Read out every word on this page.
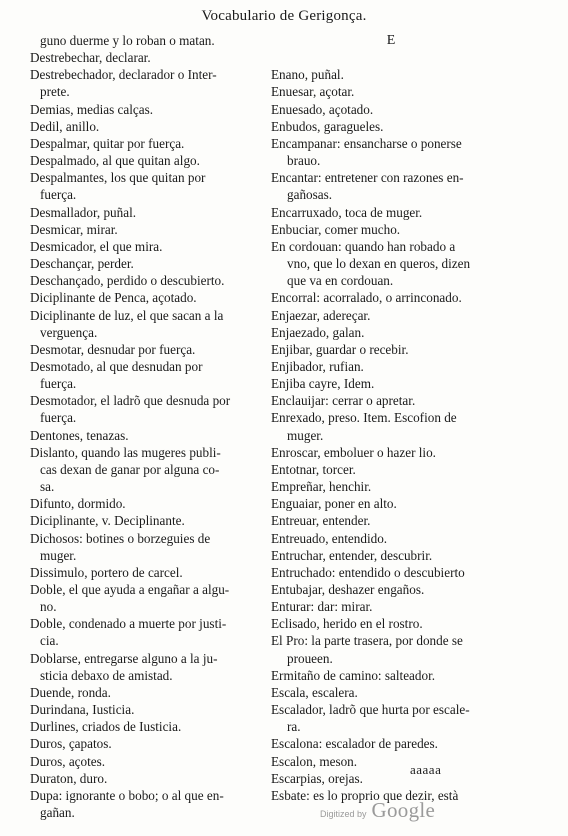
Vocabulario de Gerigonça.
guno duerme y lo roban o matan.
Destrebechar, declarar.
Destrebechador, declarador o Inter-
prete.
Demias, medias calças.
Dedil, anillo.
Despalmar, quitar por fuerça.
Despalmado, al que quitan algo.
Despalmantes, los que quitan por
fuerça.
Desmallador, puñal.
Desmicar, mirar.
Desmicador, el que mira.
Deschançar, perder.
Deschançado, perdido o descubierto.
Diciplinante de Penca, açotado.
Diciplinante de luz, el que sacan a la
verguença.
Desmotar, desnudar por fuerça.
Desmotado, al que desnudan por
fuerça.
Desmotador, el ladrõ que desnuda por
fuerça.
Dentones, tenazas.
Dislanto, quando las mugeres publi-
cas dexan de ganar por alguna co-
sa.
Difunto, dormido.
Diciplinante, v. Deciplinante.
Dichosos: botines o borzeguies de
muger.
Dissimulo, portero de carcel.
Doble, el que ayuda a engañar a algu-
no.
Doble, condenado a muerte por justi-
cia.
Doblarse, entregarse alguno a la ju-
sticia debaxo de amistad.
Duende, ronda.
Durindana, Iusticia.
Durlines, criados de Iusticia.
Duros, çapatos.
Duros, açotes.
Duraton, duro.
Dupa: ignorante o bobo; o al que en-
gañan.
E

Enano, puñal.
Enuesar, açotar.
Enuesado, açotado.
Enbudos, garagueles.
Encampanar: ensancharse o ponerse
brauo.
Encantar: entretener con razones en-
gañosas.
Encarruxado, toca de muger.
Enbuciar, comer mucho.
En cordouan: quando han robado a
vno, que lo dexan en queros, dizen
que va en cordouan.
Encorral: acorralado, o arrinconado.
Enjaezar, adereçar.
Enjaezado, galan.
Enjibar, guardar o recebir.
Enjibador, rufian.
Enjiba cayre, Idem.
Enclauijar: cerrar o apretar.
Enrexado, preso. Item. Escofion de
muger.
Enroscar, emboluer o hazer lio.
Entotnar, torcer.
Empreñar, henchir.
Enguaiar, poner en alto.
Entreuar, entender.
Entreuado, entendido.
Entruchar, entender, descubrir.
Entruchado: entendido o descubierto
Entubajar, deshazer engaños.
Enturar: dar: mirar.
Eclisado, herido en el rostro.
El Pro: la parte trasera, por donde se
proueen.
Ermitaño de camino: salteador.
Escala, escalera.
Escalador, ladrõ que hurta por escale-
ra.
Escalona: escalador de paredes.
Escalon, meson.
Escarpias, orejas.
Esbate: es lo proprio que dezir, està
aaaaa
Digitized by Google
